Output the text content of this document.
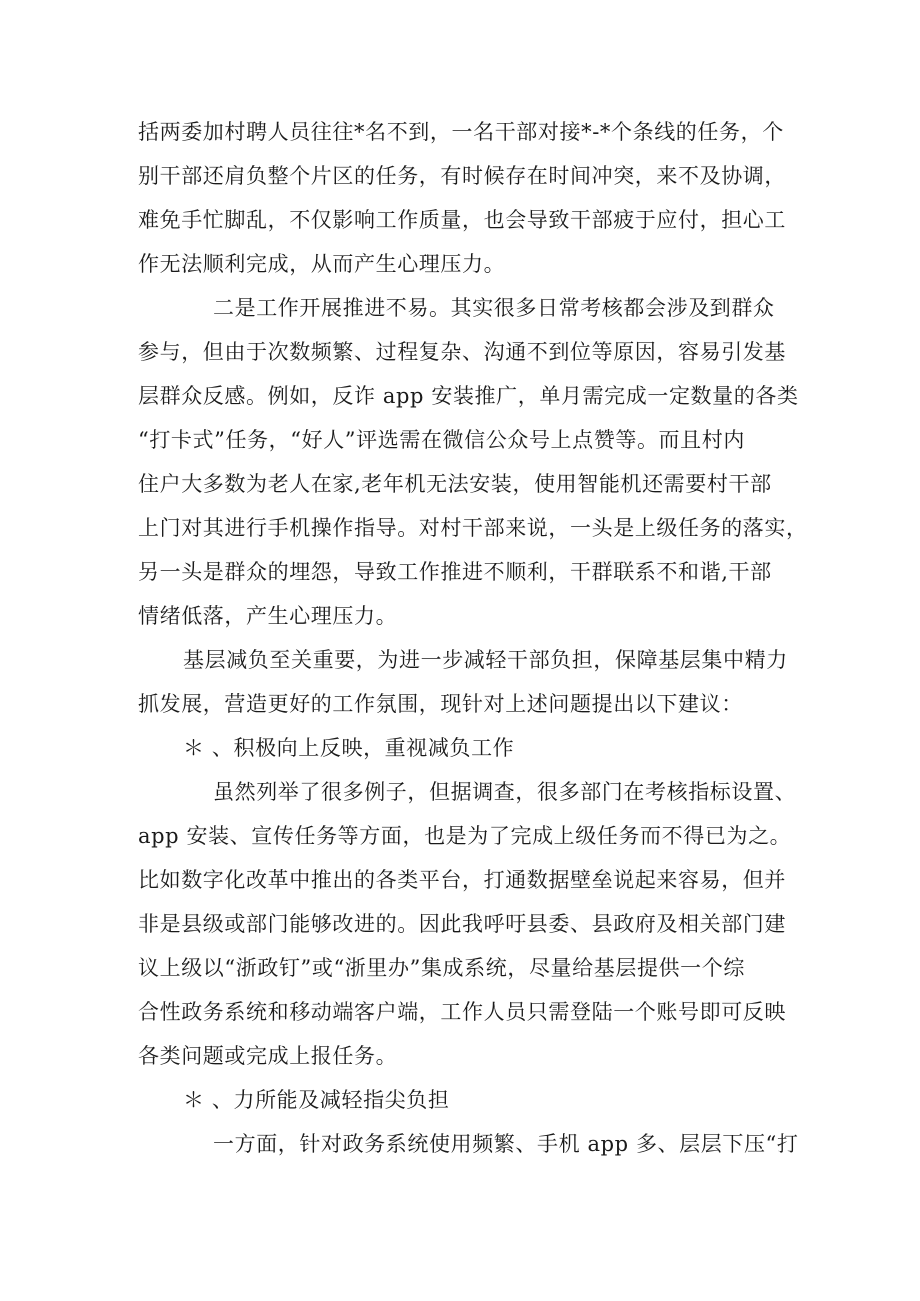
括两委加村聘人员往往*名不到，一名干部对接*-*个条线的任务，个
别干部还肩负整个片区的任务，有时候存在时间冲突，来不及协调，
难免手忙脚乱，不仅影响工作质量，也会导致干部疲于应付，担心工
作无法顺利完成，从而产生心理压力。
二是工作开展推进不易。其实很多日常考核都会涉及到群众
参与，但由于次数频繁、过程复杂、沟通不到位等原因，容易引发基
层群众反感。例如，反诈 app 安装推广，单月需完成一定数量的各类
“打卡式”任务，“好人”评选需在微信公众号上点赞等。而且村内
住户大多数为老人在家,老年机无法安装，使用智能机还需要村干部
上门对其进行手机操作指导。对村干部来说，一头是上级任务的落实，
另一头是群众的埋怨，导致工作推进不顺利，干群联系不和谐,干部
情绪低落，产生心理压力。
基层减负至关重要，为进一步减轻干部负担，保障基层集中精力
抓发展，营造更好的工作氛围，现针对上述问题提出以下建议：
＊ 、积极向上反映，重视减负工作
虽然列举了很多例子，但据调查，很多部门在考核指标设置、
app 安装、宣传任务等方面，也是为了完成上级任务而不得已为之。
比如数字化改革中推出的各类平台，打通数据壁垒说起来容易，但并
非是县级或部门能够改进的。因此我呼吁县委、县政府及相关部门建
议上级以“浙政钉”或“浙里办”集成系统，尽量给基层提供一个综
合性政务系统和移动端客户端，工作人员只需登陆一个账号即可反映
各类问题或完成上报任务。
＊ 、力所能及减轻指尖负担
一方面，针对政务系统使用频繁、手机 app 多、层层下压“打
